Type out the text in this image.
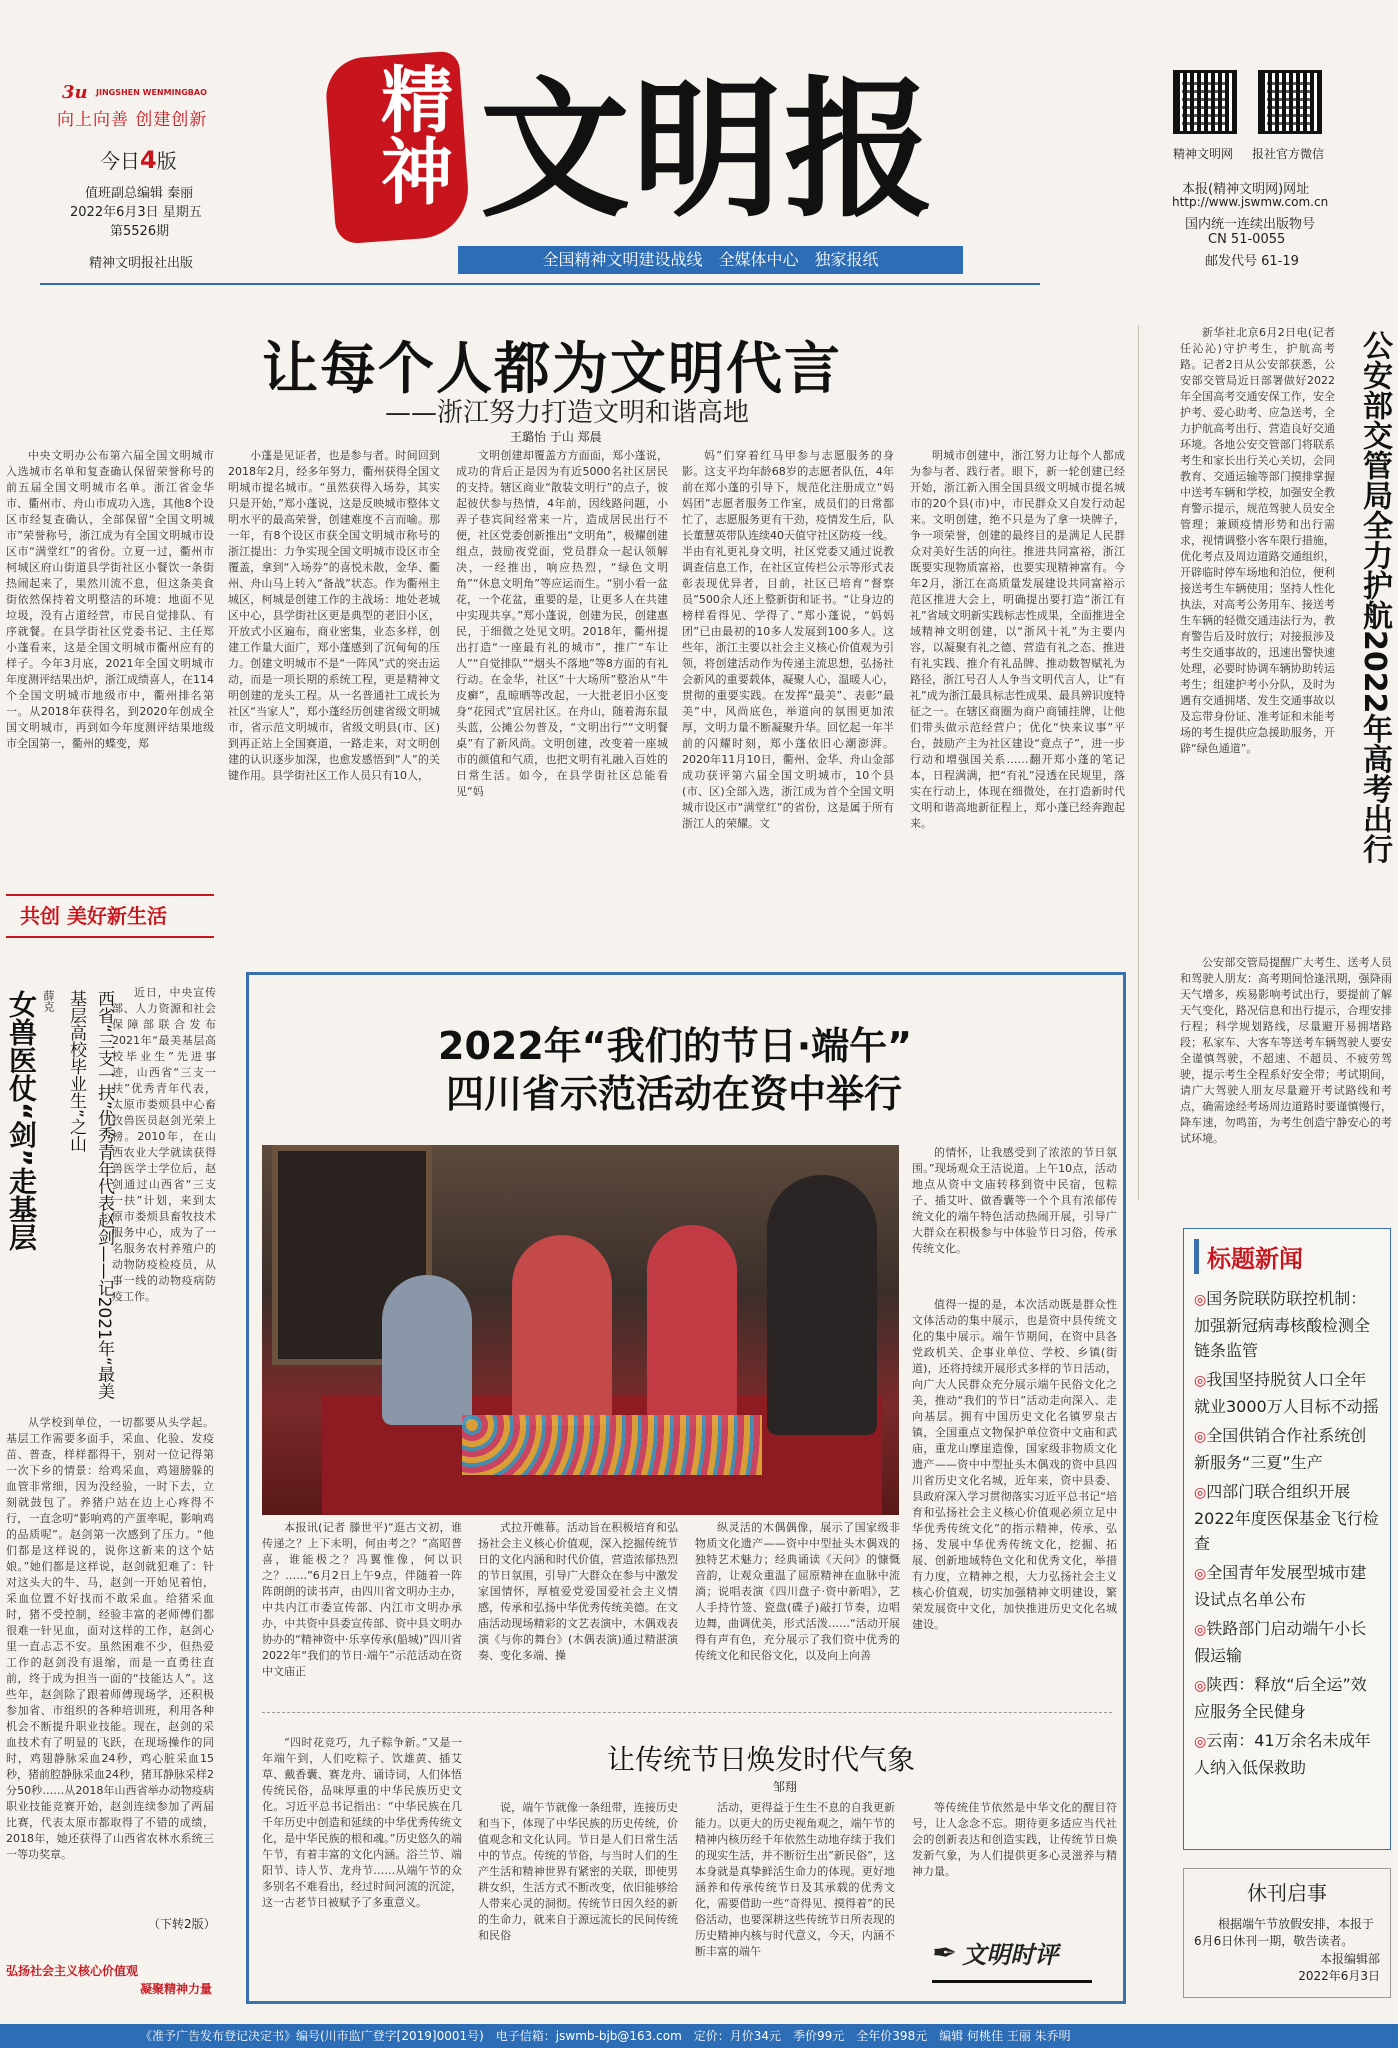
3u JINGSHEN WENMINGBAO
向上向善 创建创新
今日4版
值班副总编辑 秦丽
2022年6月3日 星期五
第5526期
精神文明报社出版
精神 文明报
全国精神文明建设战线　全媒体中心　独家报纸
精神文明网 报社官方微信
本报(精神文明网)网址
http://www.jswmw.com.cn
国内统一连续出版物号
CN 51-0055
邮发代号 61-19
让每个人都为文明代言
——浙江努力打造文明和谐高地
王璐怡 于山 郑晨

中央文明办公布第六届全国文明城市入选城市名单和复查确认保留荣誉称号的前五届全国文明城市名单。浙江省金华市、衢州市、舟山市成功入选，其他8个设区市经复查确认，全部保留“全国文明城市”荣誉称号，浙江成为有全国文明城市设区市“满堂红”的省份。立夏一过，衢州市柯城区府山街道县学街社区小餐饮一条街热闹起来了，果然川流不息，但这条美食街依然保持着文明整洁的环境：地面不见垃圾，没有占道经营，市民自觉排队、有序就餐。在县学街社区党委书记、主任郑小蓬看来，这是全国文明城市衢州应有的样子。今年3月底，2021年全国文明城市年度测评结果出炉，浙江成绩喜人，在114个全国文明城市地级市中，衢州排名第一。从2018年获得名，到2020年创成全国文明城市，再到如今年度测评结果地级市全国第一，衢州的蝶变，郑

小蓬是见证者，也是参与者。时间回到2018年2月，经多年努力，衢州获得全国文明城市提名城市。“虽然获得入场券，其实只是开始，”郑小蓬说，这是反映城市整体文明水平的最高荣誉，创建难度不言而喻。那一年，有8个设区市获全国文明城市称号的浙江提出：力争实现全国文明城市设区市全覆盖，拿到“入场券”的喜悦未散，金华、衢州、舟山马上转入“备战”状态。作为衢州主城区，柯城是创建工作的主战场：地处老城区中心，县学街社区更是典型的老旧小区，开放式小区遍布，商业密集，业态多样，创建工作量大面广，郑小蓬感到了沉甸甸的压力。创建文明城市不是“一阵风”式的突击运动，而是一项长期的系统工程，更是精神文明创建的龙头工程。从一名普通社工成长为社区“当家人”，郑小蓬经历创建省级文明城市，省示范文明城市，省级文明县(市、区)到再正站上全国赛道，一路走来，对文明创建的认识逐步加深，也愈发感悟到“人”的关键作用。县学街社区工作人员只有10人，

文明创建却覆盖方方面面，郑小蓬说，成功的背后正是因为有近5000名社区居民的支持。辖区商业“散装文明行”的点子，彼起彼伏参与热情，4年前，因线路问题，小弄子巷宾间经常来一片，造成居民出行不便，社区党委创新推出“文明角”，极耀创建组点，鼓励夜党面，党员群众一起认领解决，一经推出，响应热烈，“绿色文明角”“休息文明角”等应运而生。“别小看一盆花，一个花盆，重要的是，让更多人在共建中实现共享。”郑小蓬说，创建为民，创建惠民，于细微之处见文明。2018年，衢州提出打造“一座最有礼的城市”，推广“车让人”“自觉排队”“烟头不落地”等8方面的有礼行动。在金华，社区“十大场所”整治从“牛皮癣”，乱晾晒等改起，一大批老旧小区变身“花园式”宜居社区。在舟山，随着海东鼠头蓝，公摊公勿普及，“文明出行”“文明餐桌”有了新风尚。文明创建，改变着一座城市的颜值和气质，也把文明有礼融入百姓的日常生活。如今，在县学街社区总能看见“妈

妈”们穿着红马甲参与志愿服务的身影。这支平均年龄68岁的志愿者队伍，4年前在郑小蓬的引导下，规范化注册成立“妈妈团”志愿者服务工作室，成员们的日常都忙了，志愿服务更有干劲，疫情发生后，队长董慧英带队连续40天值守社区防疫一线。半由有礼更礼身文明，社区党委又通过说教调查信息工作，在社区宣传栏公示等形式表彰表现优异者，目前，社区已培育“督察员”500余人还上整新街和证书。“让身边的榜样看得见、学得了、”郑小蓬说，“妈妈团”已由最初的10多人发展到100多人。这些年，浙江主要以社会主义核心价值观为引领，将创建活动作为传递主流思想，弘扬社会新风的重要载体，凝聚人心，温暖人心，贯彻的重要实践。在发挥“最美”、表彰“最美”中，风尚底色，举道向的氛围更加浓厚，文明力量不断凝聚升华。回忆起一年半前的闪耀时刻，郑小蓬依旧心潮澎湃。2020年11月10日，衢州、金华、舟山金部成功获评第六届全国文明城市，10个县(市、区)全部入选，浙江成为首个全国文明城市设区市“满堂红”的省份，这是属于所有浙江人的荣耀。文

明城市创建中，浙江努力让每个人都成为参与者、践行者。眼下，新一轮创建已经开始，浙江新入围全国县级文明城市提名城市的20个县(市)中，市民群众又自发行动起来。文明创建，绝不只是为了拿一块牌子，争一项荣誉，创建的最终目的是满足人民群众对美好生活的向往。推进共同富裕，浙江既要实现物质富裕，也要实现精神富有。今年2月，浙江在高质量发展建设共同富裕示范区推进大会上，明确提出要打造“浙江有礼”省域文明新实践标志性成果，全面推进全域精神文明创建，以“浙风十礼”为主要内容，以凝聚有礼之德、营造有礼之态、推进有礼实践、推介有礼品牌、推动数智赋礼为路径，浙江号召人人争当文明代言人，让“有礼”成为浙江最具标志性成果、最具辨识度特征之一。在辖区商圈为商户商铺挂牌，让他们带头做示范经营户；优化“快来议事”平台，鼓励产主为社区建设“竟点子”，进一步行动和增强国关系……翻开郑小蓬的笔记本，日程满满，把“有礼”浸透在民规里，落实在行动上，体现在细微处，在打造新时代文明和谐高地新征程上，郑小蓬已经奔跑起来。

共创 美好新生活

新华社北京6月2日电(记者 任沁沁)守护考生，护航高考路。记者2日从公安部获悉，公安部交管局近日部署做好2022年全国高考交通安保工作，安全护考、爱心助考、应急送考，全力护航高考出行、营造良好交通环境。各地公安交管部门将联系考生和家长出行关心关切，会同教育、交通运输等部门摸排掌握中送考车辆和学校，加强安全教育警示提示，规范驾驶人员安全管理；兼顾疫情形势和出行需求，视情调整小客车限行措施，优化考点及周边道路交通组织，开辟临时停车场地和泊位，便利接送考生车辆使用；坚持人性化执法，对高考公务用车、接送考生车辆的轻微交通违法行为，教育警告后及时放行；对接报涉及考生交通事故的，迅速出警快速处理，必要时协调车辆协助转运考生；组建护考小分队，及时为遇有交通拥堵、发生交通事故以及忘带身份证、准考证和未能考场的考生提供应急援助服务，开辟“绿色通道”。	公安部交管局全力护航2022年高考出行

公安部交管局提醒广大考生、送考人员和驾驶人朋友：高考期间恰逢汛期，强降雨天气增多，疾易影响考试出行，要提前了解天气变化，路况信息和出行提示，合理安排行程；科学规划路线，尽量避开易拥堵路段；私家车、大客车等送考车辆驾驶人要安全谨慎驾驶，不超速、不超员、不疲劳驾驶，提示考生全程系好安全带；考试期间，请广大驾驶人朋友尽量避开考试路线和考点，确需途经考场周边道路时要谨慎慢行，降车速，勿鸣笛，为考生创造宁静安心的考试环境。

女兽医仗“剑”走基层 薛克	西省“三支一扶”优秀青年代表赵剑——记2021年“最美基层高校毕业生”之山	近日，中央宣传部、人力资源和社会保障部联合发布2021年“最美基层高校毕业生”先进事迹，山西省“三支一扶”优秀青年代表，太原市娄烦县中心畜牧兽医员赵剑光荣上榜。2010年，在山西农业大学就读获得兽医学士学位后，赵剑通过山西省“三支一扶”计划，来到太原市娄烦县畜牧技术服务中心，成为了一名服务农村养殖户的动物防疫检疫员，从事一线的动物疫病防疫工作。

从学校到单位，一切都要从头学起。基层工作需要多面手，采血、化验、发疫苗、普查，样样都得干，别对一位记得第一次下乡的情景：给鸡采血，鸡翅膀躲的血管非常细，因为没经验，一时下去，立刻就鼓包了。养猪户站在边上心疼得不行，一直念叨“影响鸡的产蛋率呢，影响鸡的品质呢”。赵剑第一次感到了压力。“他们都是这样说的，说你这新来的这个姑娘。”她们都是这样说，赵剑就犯难了：针对这头大的牛、马，赵剑一开始见着怕，采血位置不好找而不敢采血。给猪采血时，猪不受控制，经验丰富的老师傅们都很难一针见血，面对这样的工作，赵剑心里一直忐忑不安。虽然困难不少，但热爱工作的赵剑没有退缩，而是一直勇往直前，终于成为担当一面的“技能达人”。这些年，赵剑除了跟着师傅现场学，还积极参加省、市组织的各种培训班，利用各种机会不断提升职业技能。现在，赵剑的采血技术有了明显的飞跃，在现场操作的同时，鸡翅静脉采血24秒，鸡心脏采血15秒，猪前腔静脉采血24秒，猪耳静脉采样2分50秒……从2018年山西省举办动物疫病职业技能竞赛开始，赵剑连续参加了两届比赛，代表太原市都取得了不错的成绩，2018年，她还获得了山西省农林水系统三一等功奖章。

（下转2版）
弘扬社会主义核心价值观
凝聚精神力量
2022年“我们的节日·端午”
四川省示范活动在资中举行

的情怀，让我感受到了浓浓的节日氛围。”现场观众王洁说道。上午10点，活动地点从资中文庙转移到资中民宿，包粽子、插艾叶、做香囊等一个个具有浓郁传统文化的端午特色活动热闹开展，引导广大群众在积极参与中体验节日习俗，传承传统文化。

值得一提的是，本次活动既是群众性文体活动的集中展示，也是资中县传统文化的集中展示。端午节期间，在资中县各党政机关、企事业单位、学校、乡镇(街道)，还将持续开展形式多样的节日活动，向广大人民群众充分展示端午民俗文化之美，推动“我们的节日”活动走向深入、走向基层。拥有中国历史文化名镇罗泉古镇，全国重点文物保护单位资中文庙和武庙，重龙山摩崖造像，国家级非物质文化遗产——资中中型扯头木偶戏的资中县四川省历史文化名城，近年来，资中县委、县政府深入学习贯彻落实习近平总书记“培育和弘扬社会主义核心价值观必须立足中华优秀传统文化”的指示精神，传承、弘扬、发展中华优秀传统文化，挖掘、拓展、创新地域特色文化和优秀文化，举措有力度，立精神之根，大力弘扬社会主义核心价值观，切实加强精神文明建设，繁荣发展资中文化，加快推进历史文化名城建设。

本报讯(记者 滕世平)“逛古文初，谁传递之？上下未明，何由考之？”高昭普喜，谁能极之？冯翼惟像，何以识之？……”6月2日上午9点，伴随着一阵阵朗朗的读书声，由四川省文明办主办，中共内江市委宣传部、内江市文明办承办，中共资中县委宣传部、资中县文明办协办的“精神资中·乐享传承(船城)”四川省2022年“我们的节日·端午”示范活动在资中文庙正

式拉开帷幕。活动旨在积极培育和弘扬社会主义核心价值观，深入挖掘传统节日的文化内涵和时代价值，营造浓郁热烈的节日氛围，引导广大群众在参与中激发家国情怀，厚植爱党爱国爱社会主义情感，传承和弘扬中华优秀传统美德。在文庙活动现场精彩的文艺表演中，木偶戏表演《与你的舞台》(木偶表演)通过精湛演奏、变化多端、操

纵灵活的木偶偶像，展示了国家级非物质文化遗产——资中中型扯头木偶戏的独特艺术魅力；经典诵读《天问》的慷慨音韵，让观众重温了屈原精神在血脉中流淌；说唱表演《四川盘子·资中新唱》，艺人手持竹签、瓷盘(碟子)敲打节奏，边唱边舞，曲调优美，形式活泼……“活动开展得有声有色，充分展示了我们资中优秀的传统文化和民俗文化，以及向上向善

让传统节日焕发时代气象
邹翔

“四时花竞巧，九子粽争新。”又是一年端午到，人们吃粽子、饮雄黄、插艾草、戴香囊、赛龙舟、诵诗词，人们体悟传统民俗，品味厚重的中华民族历史文化。习近平总书记指出：“中华民族在几千年历史中创造和延续的中华优秀传统文化，是中华民族的根和魂。”历史悠久的端午节，有着丰富的文化内涵。浴兰节、端阳节、诗人节、龙舟节……从端午节的众多别名不难看出，经过时间河流的沉淀，这一古老节日被赋予了多重意义。

说，端午节就像一条纽带，连接历史和当下，体现了中华民族的历史传统，价值观念和文化认同。节日是人们日常生活中的节点。传统的节俗，与当时人们的生产生活和精神世界有紧密的关联，即使男耕女织，生活方式不断改变，依旧能够给人带来心灵的洞彻。传统节日因久经的新的生命力，就来自于源远流长的民间传统和民俗

活动，更得益于生生不息的自我更新能力。以更大的历史视角观之，端午节的精神内核历经千年依然生动地存续于我们的现实生活，并不断衍生出“新民俗”，这本身就是真挚鲜活生命力的体现。更好地涵养和传承传统节日及其承载的优秀文化，需要借助一些“奇得见、摸得着”的民俗活动，也要深耕这些传统节日所表现的历史精神内核与时代意义，今天，内涵不断丰富的端午

等传统佳节依然是中华文化的醒目符号，让人念念不忘。期待更多适应当代社会的创新表达和创造实践，让传统节日焕发新气象，为人们提供更多心灵滋养与精神力量。

✒ 文明时评
标题新闻
◎国务院联防联控机制：加强新冠病毒核酸检测全链条监管
◎我国坚持脱贫人口全年就业3000万人目标不动摇
◎全国供销合作社系统创新服务“三夏”生产
◎四部门联合组织开展2022年度医保基金飞行检查
◎全国青年发展型城市建设试点名单公布
◎铁路部门启动端午小长假运输
◎陕西：释放“后全运”效应服务全民健身
◎云南：41万余名未成年人纳入低保救助
休刊启事
根据端午节放假安排，本报于6月6日休刊一期，敬告读者。
本报编辑部
2022年6月3日
《准予广告发布登记决定书》编号(川市监广登字[2019]0001号)　电子信箱：jswmb-bjb@163.com　定价：月价34元　季价99元　全年价398元　编辑 何桃佳 王丽 朱乔明
